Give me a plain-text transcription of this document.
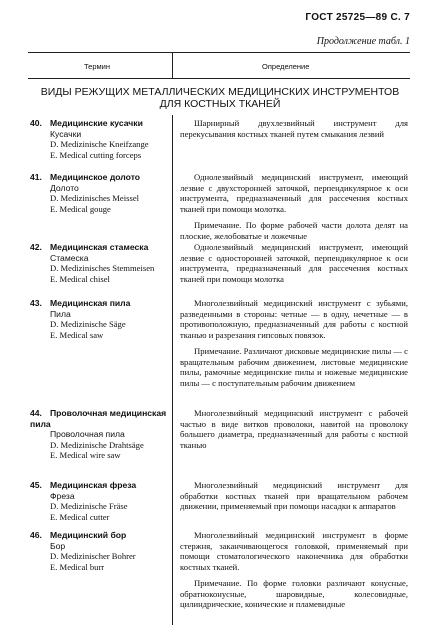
ГОСТ 25725—89 С. 7
Продолжение табл. 1
Термин	Определение
ВИДЫ РЕЖУЩИХ МЕТАЛЛИЧЕСКИХ МЕДИЦИНСКИХ ИНСТРУМЕНТОВ ДЛЯ КОСТНЫХ ТКАНЕЙ
40. Медицинские кусачки
Кусачки
D. Medizinische Kneifzange
E. Medical cutting forceps

Шарнирный двухлезвийный инструмент для перекусывания костных тканей путем смыкания лезвий

41. Медицинское долото
Долото
D. Medizinisches Meissel
E. Medical gouge

Однолезвийный медицинский инструмент, имеющий лезвие с двухсторонней заточкой, перпендикулярное к оси инструмента, предназначенный для рассечения костных тканей при помощи молотка.

Примечание. По форме рабочей части долота делят на плоские, желобоватые и ложечные

42. Медицинская стамеска
Стамеска
D. Medizinisches Stemmeisen
E. Medical chisel

Однолезвийный медицинский инструмент, имеющий лезвие с односторонней заточкой, перпендикулярное к оси инструмента, предназначенный для рассечения костных тканей при помощи молотка

43. Медицинская пила
Пила
D. Medizinische Säge
E. Medical saw

Многолезвийный медицинский инструмент с зубьями, разведенными в стороны: четные — в одну, нечетные — в противоположную, предназначенный для работы с костной тканью и разрезания гипсовых повязок.

Примечание. Различают дисковые медицинские пилы — с вращательным рабочим движением, листовые медицинские пилы, рамочные медицинские пилы и ножевые медицинские пилы — с поступательным рабочим движением

44. Проволочная медицинская пила
Проволочная пила
D. Medizinische Drahtsäge
E. Medical wire saw

Многолезвийный медицинский инструмент с рабочей частью в виде витков проволоки, навитой на проволоку большего диаметра, предназначенный для работы с костной тканью

45. Медицинская фреза
Фреза
D. Medizinische Fräse
E. Medical cutter

Многолезвийный медицинский инструмент для обработки костных тканей при вращательном рабочем движении, применяемый при помощи насадки к аппаратов

46. Медицинский бор
Бор
D. Medizinischer Bohrer
E. Medical burr

Многолезвийный медицинский инструмент в форме стержня, заканчивающегося головкой, применяемый при помощи стоматологического наконечника для обработки костных тканей.

Примечание. По форме головки различают конусные, обратноконусные, шаровидные, колесовидные, цилиндрические, конические и пламевидные
